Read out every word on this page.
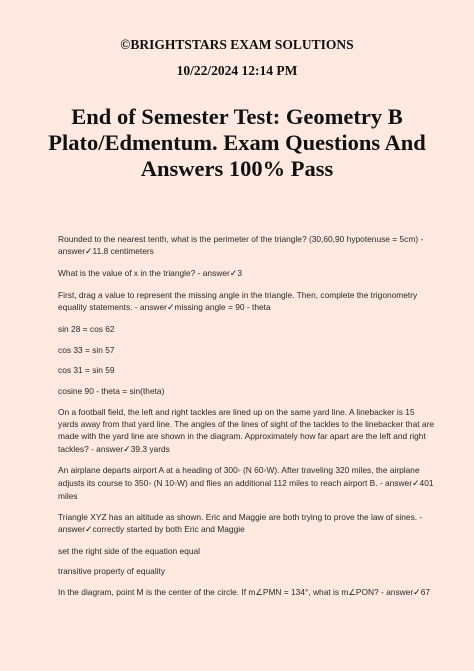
©BRIGHTSTARS EXAM SOLUTIONS
10/22/2024 12:14 PM
End of Semester Test: Geometry B
Plato/Edmentum. Exam Questions And
Answers 100% Pass

Rounded to the nearest tenth, what is the perimeter of the triangle? (30,60,90 hypotenuse = 5cm) - answer✓11.8 centimeters

What is the value of x in the triangle? - answer✓3

First, drag a value to represent the missing angle in the triangle. Then, complete the trigonometry equality statements. - answer✓missing angle = 90 - theta

sin 28 = cos 62

cos 33 = sin 57

cos 31 = sin 59

cosine 90 - theta = sin(theta)

On a football field, the left and right tackles are lined up on the same yard line. A linebacker is 15 yards away from that yard line. The angles of the lines of sight of the tackles to the linebacker that are made with the yard line are shown in the diagram. Approximately how far apart are the left and right tackles? - answer✓39.3 yards

An airplane departs airport A at a heading of 300◦ (N 60◦W). After traveling 320 miles, the airplane adjusts its course to 350◦ (N 10◦W) and flies an additional 112 miles to reach airport B. - answer✓401 miles

Triangle XYZ has an altitude as shown. Eric and Maggie are both trying to prove the law of sines. - answer✓correctly started by both Eric and Maggie

set the right side of the equation equal

transitive property of equality

In the diagram, point M is the center of the circle. If m∠PMN = 134°, what is m∠PON? - answer✓67
